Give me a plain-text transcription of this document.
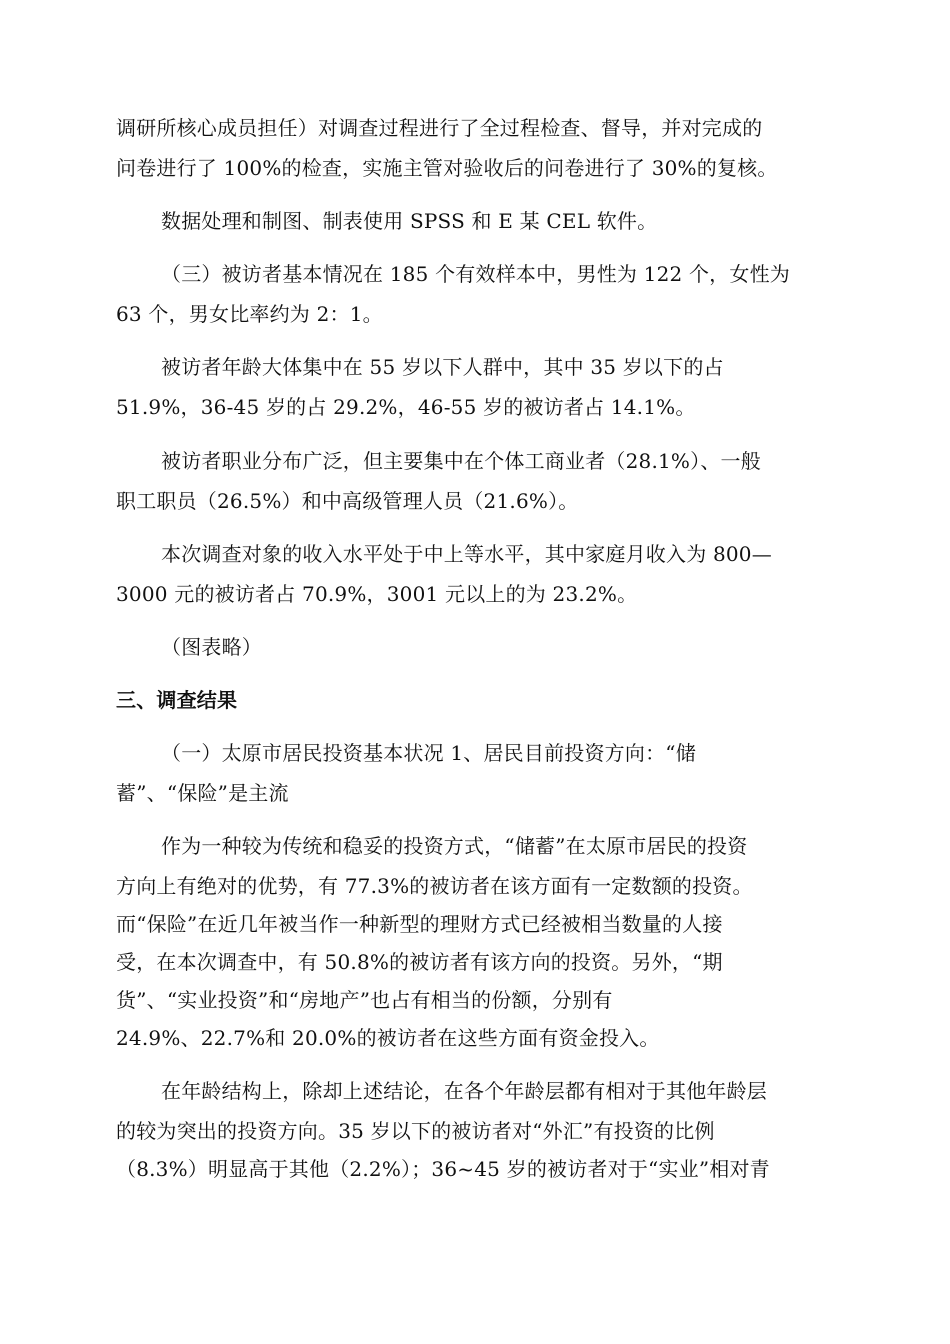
调研所核心成员担任）对调查过程进行了全过程检查、督导，并对完成的
问卷进行了 100%的检查，实施主管对验收后的问卷进行了 30%的复核。
数据处理和制图、制表使用 SPSS 和 E 某 CEL 软件。
（三）被访者基本情况在 185 个有效样本中，男性为 122 个，女性为
63 个，男女比率约为 2：1。
被访者年龄大体集中在 55 岁以下人群中，其中 35 岁以下的占
51.9%，36-45 岁的占 29.2%，46-55 岁的被访者占 14.1%。
被访者职业分布广泛，但主要集中在个体工商业者（28.1%）、一般
职工职员（26.5%）和中高级管理人员（21.6%）。
本次调查对象的收入水平处于中上等水平，其中家庭月收入为 800—
3000 元的被访者占 70.9%，3001 元以上的为 23.2%。
（图表略）
三、调查结果
（一）太原市居民投资基本状况 1、居民目前投资方向：“储
蓄”、“保险”是主流
作为一种较为传统和稳妥的投资方式，“储蓄”在太原市居民的投资
方向上有绝对的优势，有 77.3%的被访者在该方面有一定数额的投资。
而“保险”在近几年被当作一种新型的理财方式已经被相当数量的人接
受，在本次调查中，有 50.8%的被访者有该方向的投资。另外，“期
货”、“实业投资”和“房地产”也占有相当的份额，分别有
24.9%、22.7%和 20.0%的被访者在这些方面有资金投入。
在年龄结构上，除却上述结论，在各个年龄层都有相对于其他年龄层
的较为突出的投资方向。35 岁以下的被访者对“外汇”有投资的比例
（8.3%）明显高于其他（2.2%）；36~45 岁的被访者对于“实业”相对青
